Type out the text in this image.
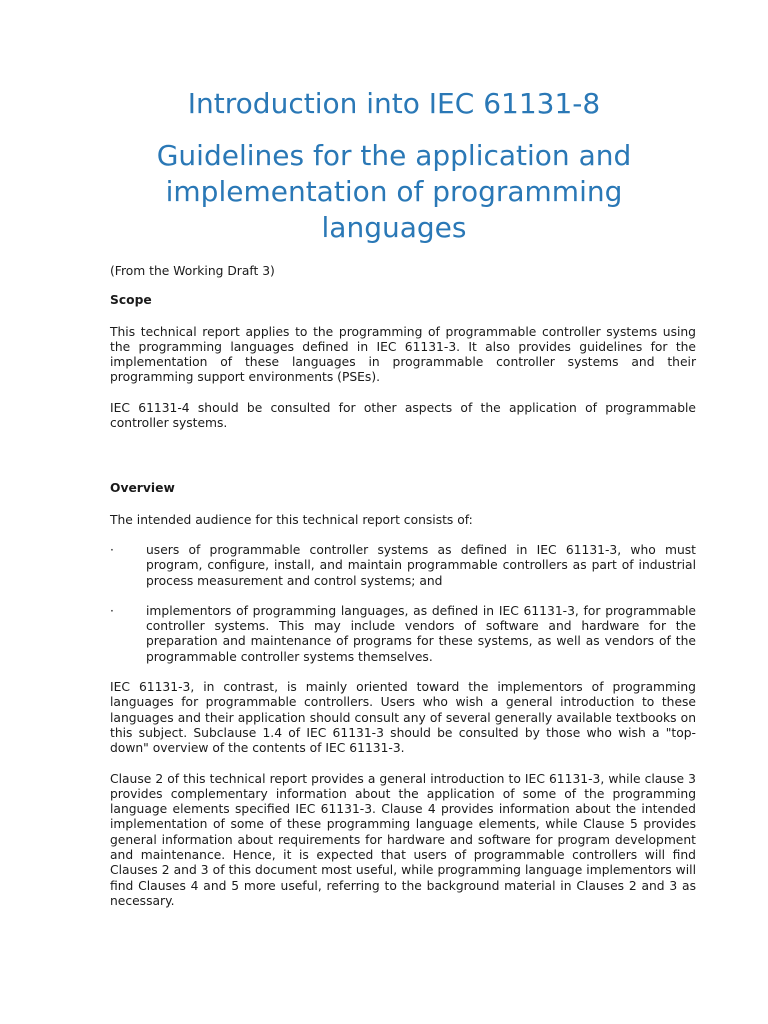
Introduction into IEC 61131-8
Guidelines for the application and implementation of programming languages

(From the Working Draft 3)

Scope

This technical report applies to the programming of programmable controller systems using the programming languages defined in IEC 61131-3. It also provides guidelines for the implementation of these languages in programmable controller systems and their programming support environments (PSEs).

IEC 61131-4 should be consulted for other aspects of the application of programmable controller systems.

Overview

The intended audience for this technical report consists of:

·	users of programmable controller systems as defined in IEC 61131-3, who must program, configure, install, and maintain programmable controllers as part of industrial process measurement and control systems; and
·	implementors of programming languages, as defined in IEC 61131-3, for programmable controller systems. This may include vendors of software and hardware for the preparation and maintenance of programs for these systems, as well as vendors of the programmable controller systems themselves.

IEC 61131-3, in contrast, is mainly oriented toward the implementors of programming languages for programmable controllers. Users who wish a general introduction to these languages and their application should consult any of several generally available textbooks on this subject. Subclause 1.4 of IEC 61131-3 should be consulted by those who wish a "top-down" overview of the contents of IEC 61131-3.

Clause 2 of this technical report provides a general introduction to IEC 61131-3, while clause 3 provides complementary information about the application of some of the programming language elements specified IEC 61131-3. Clause 4 provides information about the intended implementation of some of these programming language elements, while Clause 5 provides general information about requirements for hardware and software for program development and maintenance. Hence, it is expected that users of programmable controllers will find Clauses 2 and 3 of this document most useful, while programming language implementors will find Clauses 4 and 5 more useful, referring to the background material in Clauses 2 and 3 as necessary.
